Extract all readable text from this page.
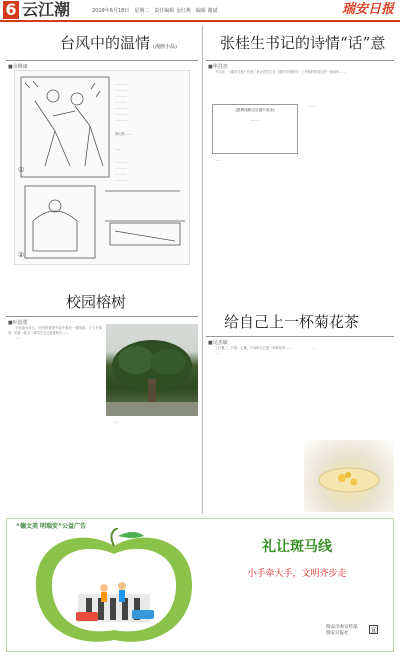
6 云江潮	2019年6月18日　星期二　责任编辑 金红燕　编辑 谢斌	瑞安日报
台风中的温情 (漫画小品)
■余继康
…………
…………
…………
…………
…………
…………
…………
…………
…………
…………
…………
①
②
我们都……
……
张桂生书记的诗情“话”意
■华昌杰

不久前，《瑞安日报》刊登了章正君先生在《瑞安市场报告》上刊发的张桂生的一组诗作……

[胜利南路过后漫兴成诗]
………

……

……

校园榕树
■叶蓓蕾

不知道为什么，所有的校园中似乎都有一棵榕树。它立在那里，陪着一届又一届学生走过春夏秋冬……

……

……

给自己上一杯菊花茶
■吴杰敏

工作累了，口渴，心累，不如给自己泡一杯菊花茶……

……

……

“德文美 明瑞安”公益广告
礼让斑马线
小手牵大手，文明齐步走
瑞安市委宣传部
瑞安日报社	宣
